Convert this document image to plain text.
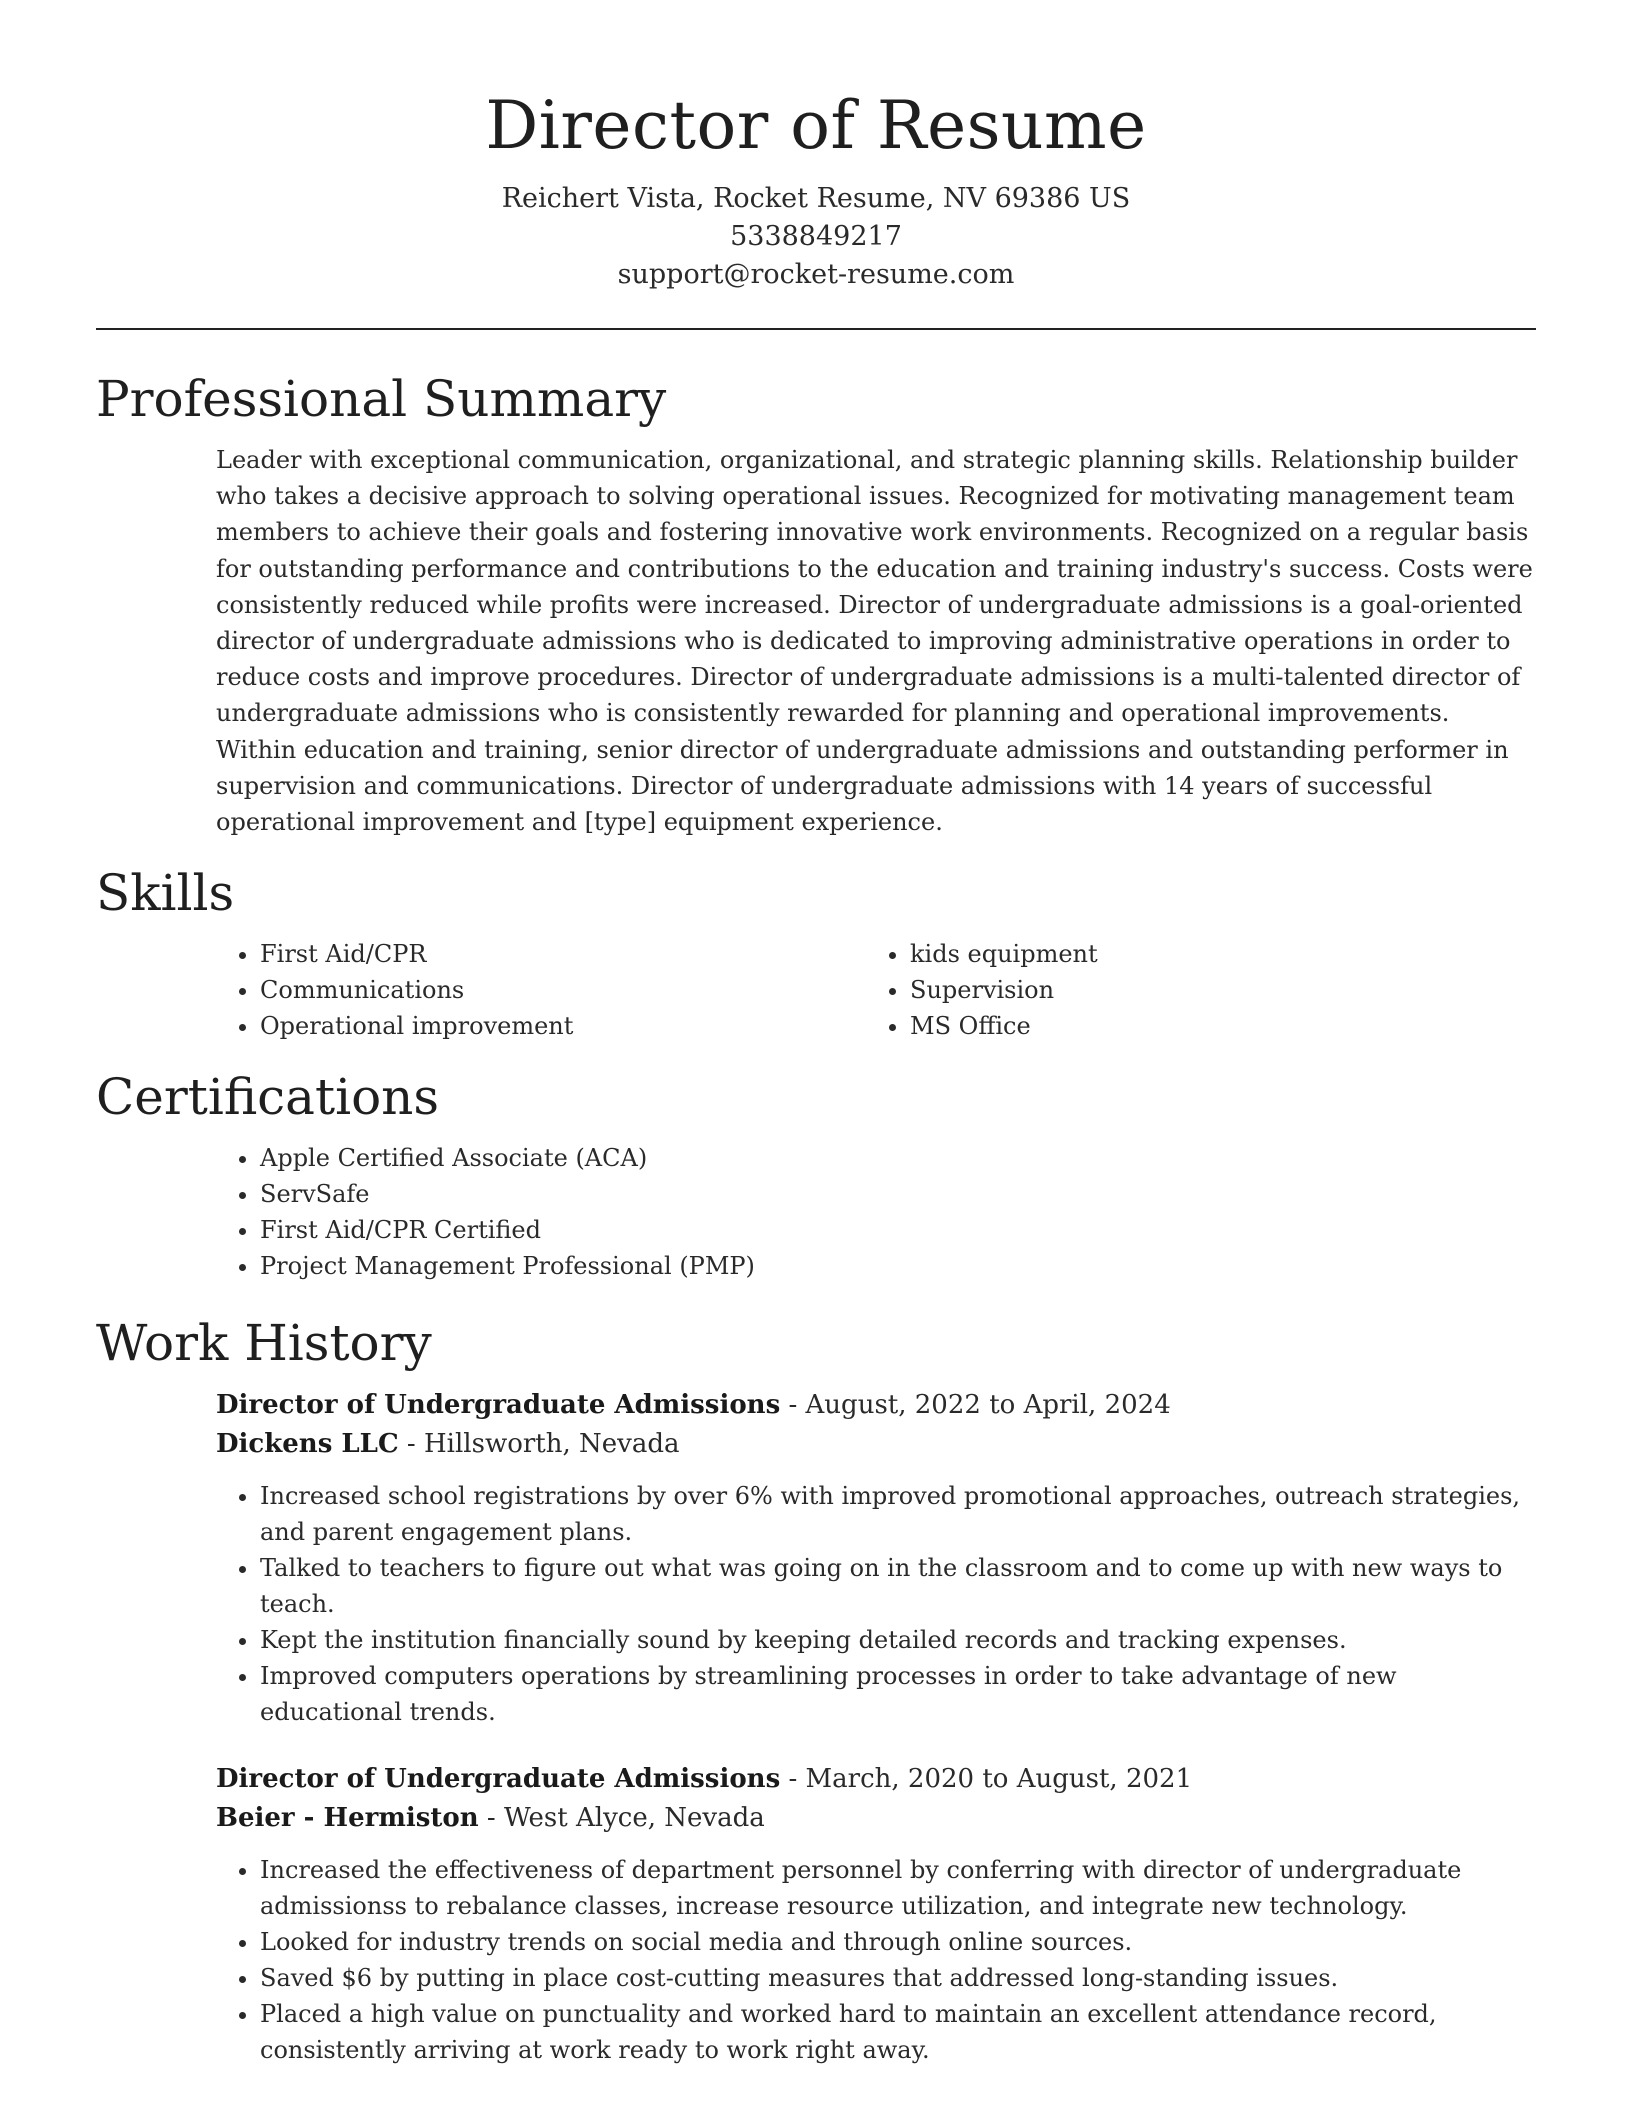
Director of Resume
Reichert Vista, Rocket Resume, NV 69386 US
5338849217
support@rocket-resume.com
Professional Summary

Leader with exceptional communication, organizational, and strategic planning skills. Relationship builder who takes a decisive approach to solving operational issues. Recognized for motivating management team members to achieve their goals and fostering innovative work environments. Recognized on a regular basis for outstanding performance and contributions to the education and training industry's success. Costs were consistently reduced while profits were increased. Director of undergraduate admissions is a goal-oriented director of undergraduate admissions who is dedicated to improving administrative operations in order to reduce costs and improve procedures. Director of undergraduate admissions is a multi-talented director of undergraduate admissions who is consistently rewarded for planning and operational improvements. Within education and training, senior director of undergraduate admissions and outstanding performer in supervision and communications. Director of undergraduate admissions with 14 years of successful operational improvement and [type] equipment experience.

Skills
• First Aid/CPR
• Communications
• Operational improvement
• kids equipment
• Supervision
• MS Office
Certifications
• Apple Certified Associate (ACA)
• ServSafe
• First Aid/CPR Certified
• Project Management Professional (PMP)
Work History
Director of Undergraduate Admissions - August, 2022 to April, 2024
Dickens LLC - Hillsworth, Nevada
• Increased school registrations by over 6% with improved promotional approaches, outreach strategies, and parent engagement plans.
• Talked to teachers to figure out what was going on in the classroom and to come up with new ways to teach.
• Kept the institution financially sound by keeping detailed records and tracking expenses.
• Improved computers operations by streamlining processes in order to take advantage of new educational trends.
Director of Undergraduate Admissions - March, 2020 to August, 2021
Beier - Hermiston - West Alyce, Nevada
• Increased the effectiveness of department personnel by conferring with director of undergraduate admissionss to rebalance classes, increase resource utilization, and integrate new technology.
• Looked for industry trends on social media and through online sources.
• Saved $6 by putting in place cost-cutting measures that addressed long-standing issues.
• Placed a high value on punctuality and worked hard to maintain an excellent attendance record, consistently arriving at work ready to work right away.
